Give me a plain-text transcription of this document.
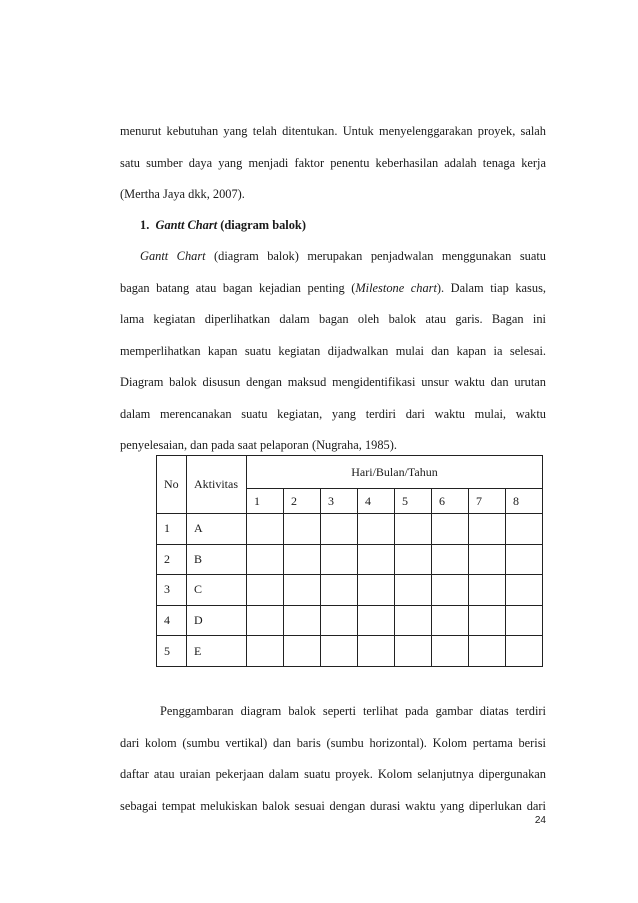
menurut kebutuhan yang telah ditentukan. Untuk menyelenggarakan proyek, salah
satu sumber daya yang menjadi faktor penentu keberhasilan adalah tenaga kerja
(Mertha Jaya dkk, 2007).
1. Gantt Chart (diagram balok)
Gantt Chart (diagram balok) merupakan penjadwalan menggunakan suatu
bagan batang atau bagan kejadian penting (Milestone chart). Dalam tiap kasus,
lama kegiatan diperlihatkan dalam bagan oleh balok atau garis. Bagan ini
memperlihatkan kapan suatu kegiatan dijadwalkan mulai dan kapan ia selesai.
Diagram balok disusun dengan maksud mengidentifikasi unsur waktu dan urutan
dalam merencanakan suatu kegiatan, yang terdiri dari waktu mulai, waktu
penyelesaian, dan pada saat pelaporan (Nugraha, 1985).
No	Aktivitas	Hari/Bulan/Tahun							
		1	2	3	4	5	6	7	8
1	A								
2	B								
3	C								
4	D								
5	E								
Penggambaran diagram balok seperti terlihat pada gambar diatas terdiri
dari kolom (sumbu vertikal) dan baris (sumbu horizontal). Kolom pertama berisi
daftar atau uraian pekerjaan dalam suatu proyek. Kolom selanjutnya dipergunakan
sebagai tempat melukiskan balok sesuai dengan durasi waktu yang diperlukan dari
24
